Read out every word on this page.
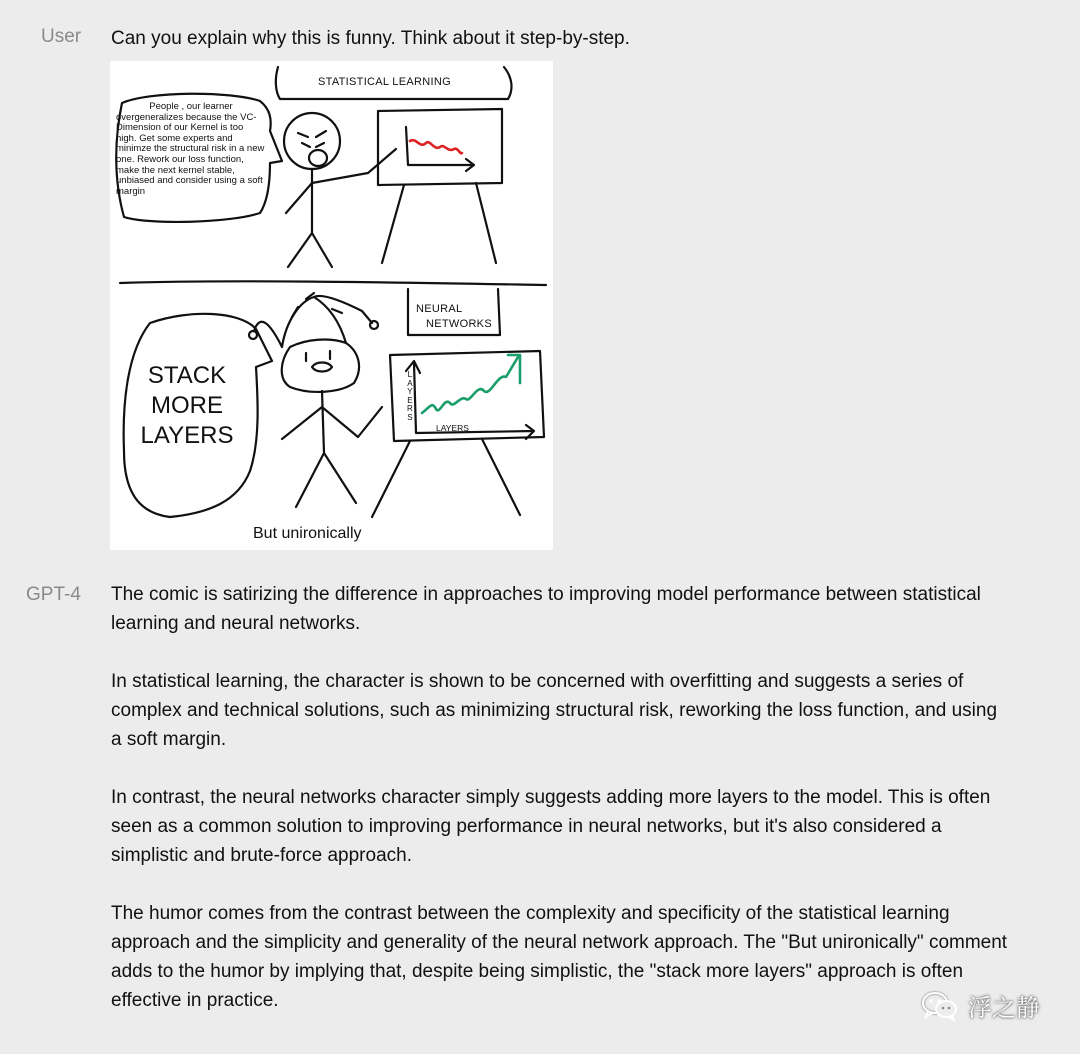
User Can you explain why this is funny. Think about it step-by-step.
STATISTICAL LEARNING
People , our learner
overgeneralizes because the VC-Dimension of our Kernel is too high. Get some experts and minimze the structural risk in a new one. Rework our loss function, make the next kernel stable, unbiased and consider using a soft margin
NEURAL
NETWORKS
STACK
MORE
LAYERS
L
A
Y
E
R
S
LAYERS
But unironically
GPT-4 The comic is satirizing the difference in approaches to improving model performance between statistical learning and neural networks.

In statistical learning, the character is shown to be concerned with overfitting and suggests a series of complex and technical solutions, such as minimizing structural risk, reworking the loss function, and using a soft margin.

In contrast, the neural networks character simply suggests adding more layers to the model. This is often seen as a common solution to improving performance in neural networks, but it's also considered a simplistic and brute-force approach.

The humor comes from the contrast between the complexity and specificity of the statistical learning approach and the simplicity and generality of the neural network approach. The "But unironically" comment adds to the humor by implying that, despite being simplistic, the "stack more layers" approach is often effective in practice.	浮之静
